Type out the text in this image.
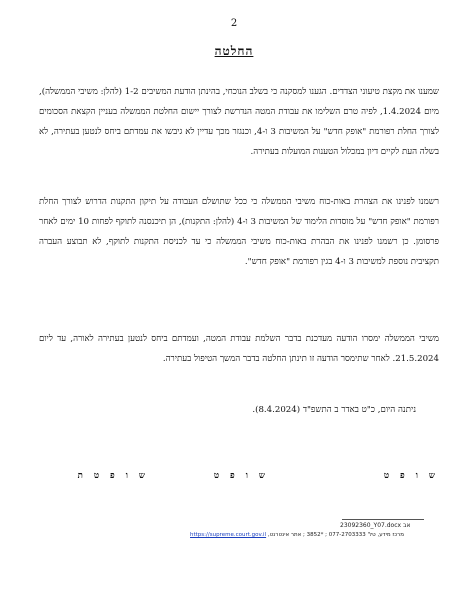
2
החלטה
שמענו את מקצת טיעוני הצדדים. הגענו למסקנה כי בשלב הנוכחי, בהינתן הודעת המשיבים 1-2 (להלן: משיבי הממשלה), מיום 1.4.2024, לפיה טרם השלימו את עבודת המטה הנדרשת לצורך יישום החלטת הממשלה בעניין הקצאת הסכומים לצורך החלת רפורמת "אופק חדש" על המשיבות 3 ו-4, וכנגזר מכך עדיין לא גיבשו את עמדתם ביחס לנטען בעתירה, לא בשלה העת לקיים דיון במכלול הטענות המועלות בעתירה.
רשמנו לפנינו את הצהרת באות-כוח משיבי הממשלה כי ככל שתושלם העבודה על תיקון התקנות הדרוש לצורך החלת רפורמת "אופק חדש" על מוסדות הלימוד של המשיבות 3 ו-4 (להלן: התקנות), הן תיכנסנה לתוקף לפחות 10 ימים לאחר פרסומן. כן רשמנו לפנינו את הבהרת באות-כוח משיבי הממשלה כי עד לכניסת התקנות לתוקף, לא תבוצע העברה תקציבית נוספת למשיבות 3 ו-4 בגין רפורמת "אופק חדש".
משיבי הממשלה ימסרו הודעה מעדכנת בדבר השלמת עבודת המטה, ועמדתם ביחס לנטען בעתירה לאורה, עד ליום 21.5.2024. לאחר שתימסר הודעה זו תינתן החלטה בדבר המשך הטיפול בעתירה.
ניתנה היום, כ"ט באדר ב התשפ"ד (8.4.2024).
ש ו פ ט
ש ו פ ט
ש ו פ ט ת
23092360_Y07.docx אב
מרכז מידע, טל' 077-2703333 ; *3852 ; אתר אינטרנט, https://supreme.court.gov.il
